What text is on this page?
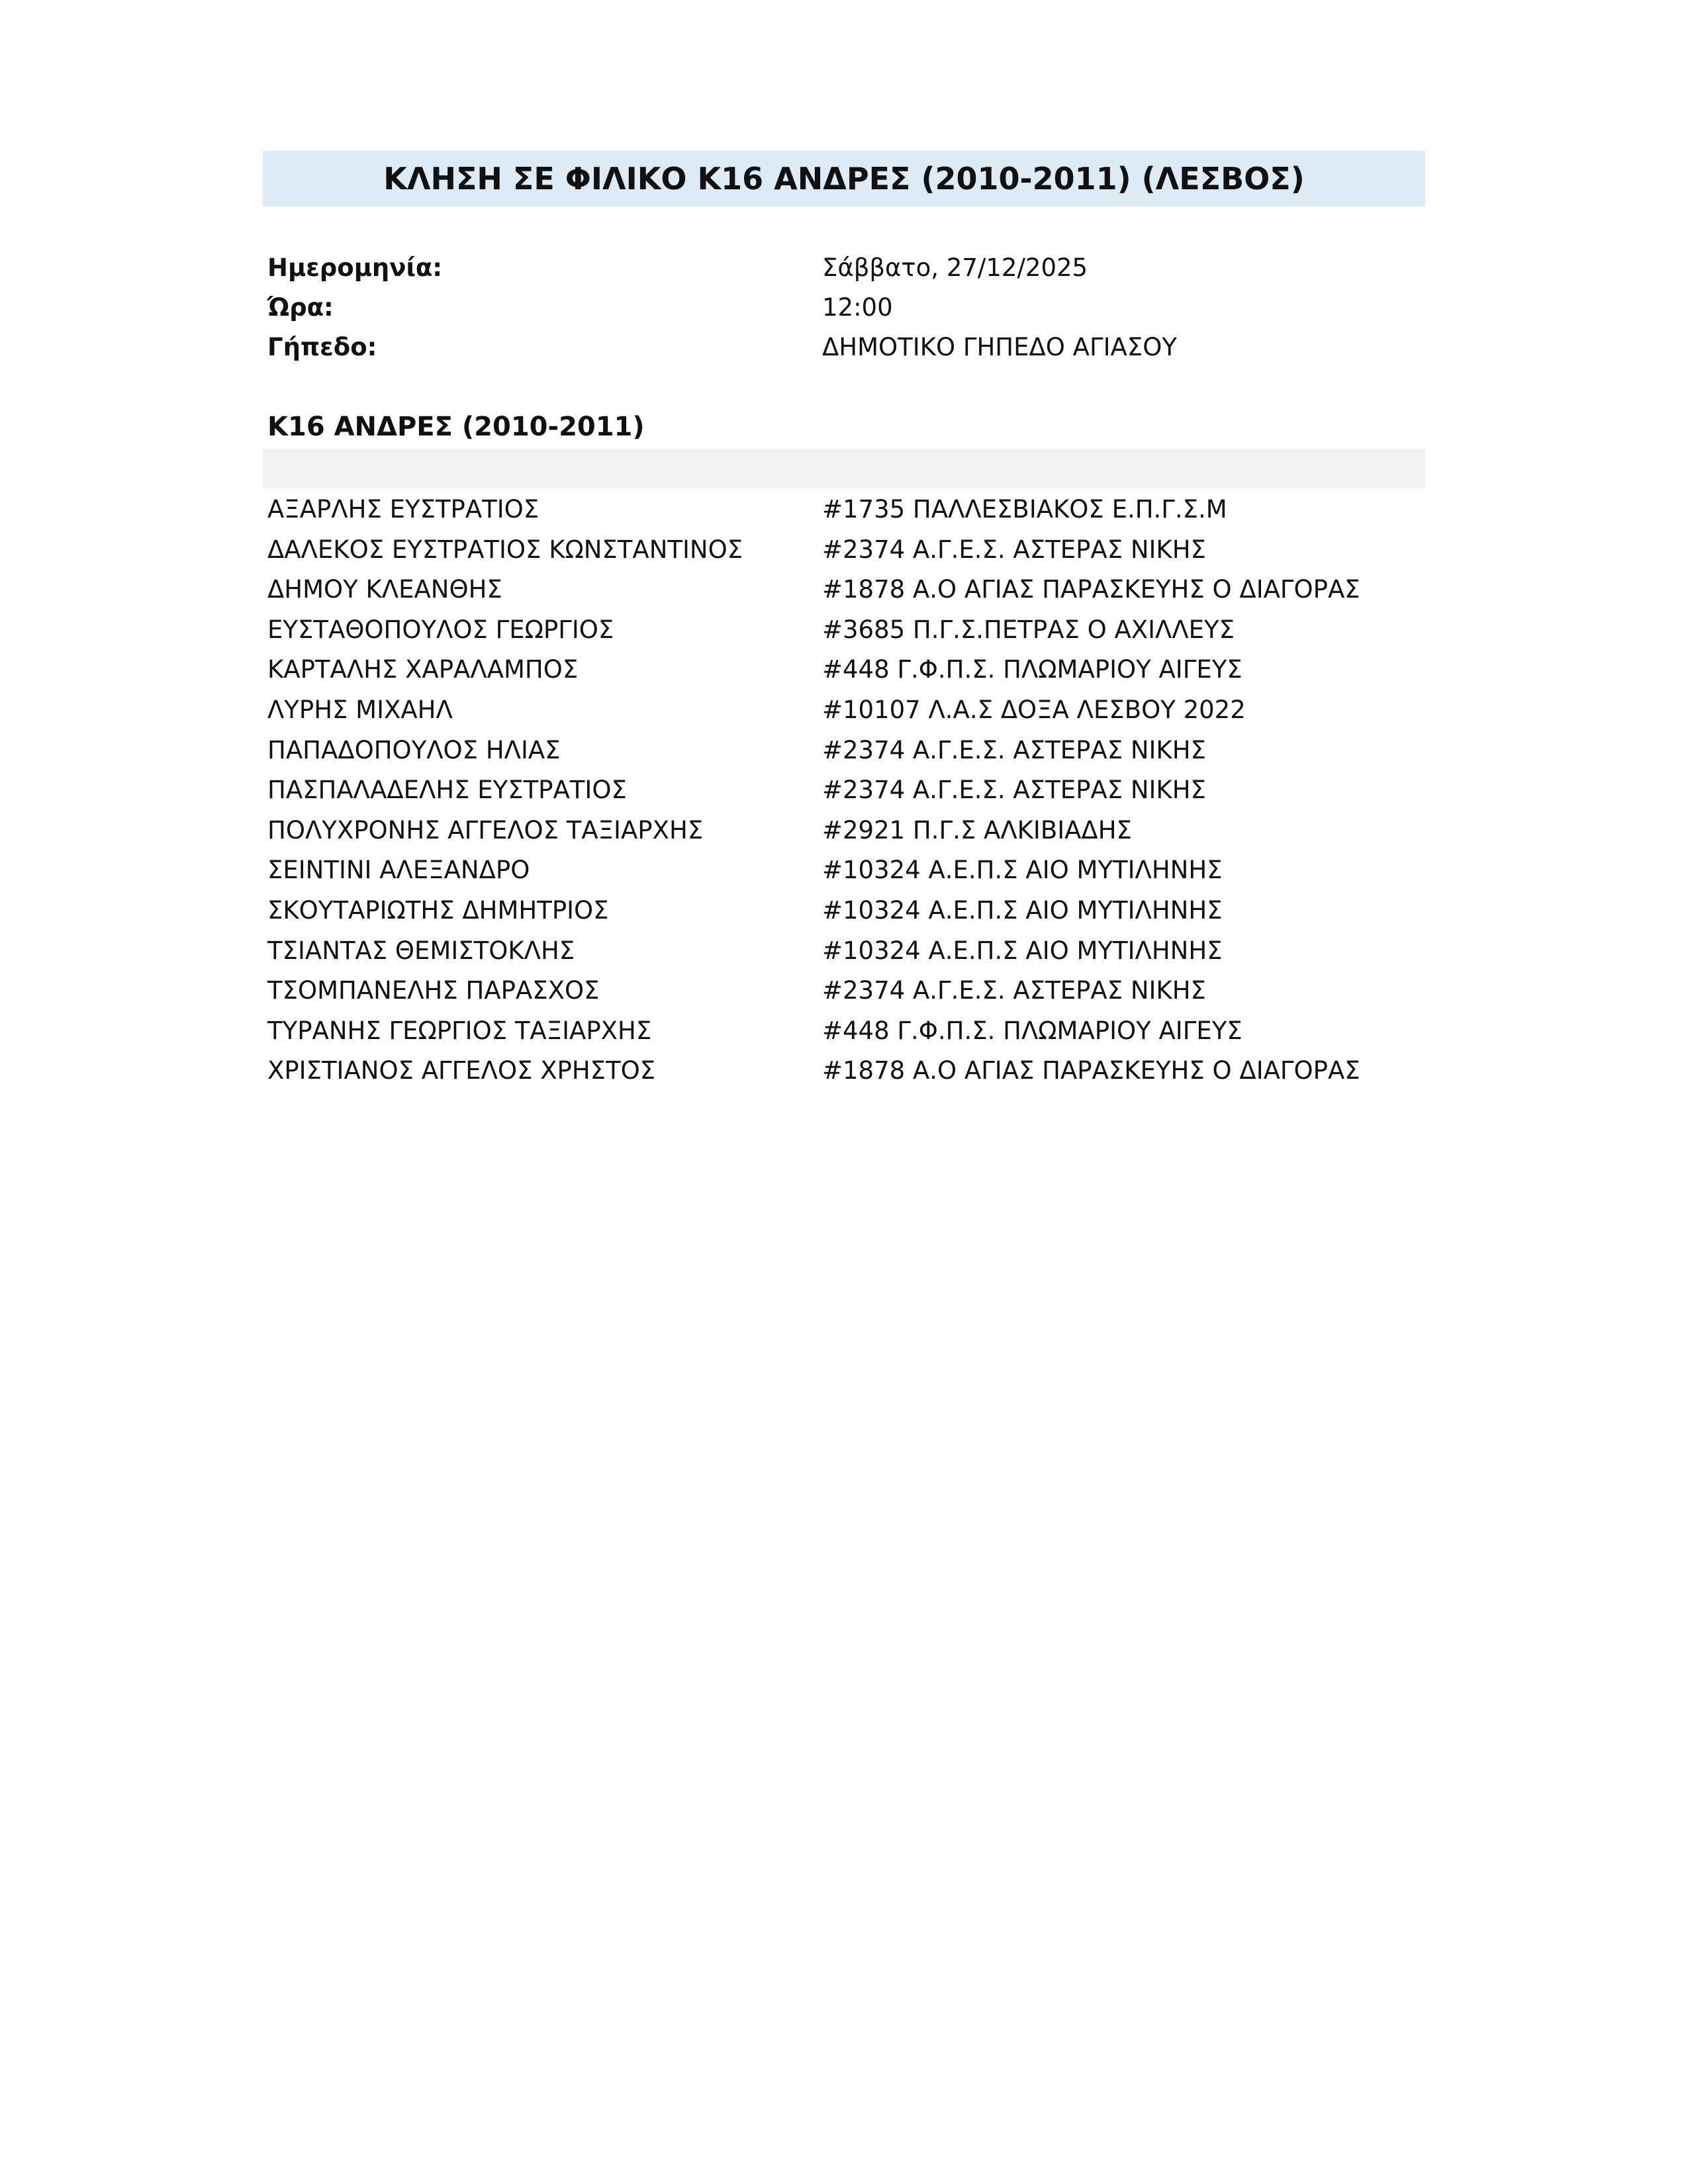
ΚΛΗΣΗ ΣΕ ΦΙΛΙΚΟ Κ16 ΑΝΔΡΕΣ (2010-2011) (ΛΕΣΒΟΣ)
Ημερομηνία:	Σάββατο, 27/12/2025
Ώρα:	12:00
Γήπεδο:	ΔΗΜΟΤΙΚΟ ΓΗΠΕΔΟ ΑΓΙΑΣΟΥ
Κ16 ΑΝΔΡΕΣ (2010-2011)
ΑΞΑΡΛΗΣ ΕΥΣΤΡΑΤΙΟΣ	#1735 ΠΑΛΛΕΣΒΙΑΚΟΣ Ε.Π.Γ.Σ.Μ
ΔΑΛΕΚΟΣ ΕΥΣΤΡΑΤΙΟΣ ΚΩΝΣΤΑΝΤΙΝΟΣ	#2374 Α.Γ.Ε.Σ. ΑΣΤΕΡΑΣ ΝΙΚΗΣ
ΔΗΜΟΥ ΚΛΕΑΝΘΗΣ	#1878 Α.Ο ΑΓΙΑΣ ΠΑΡΑΣΚΕΥΗΣ Ο ΔΙΑΓΟΡΑΣ
ΕΥΣΤΑΘΟΠΟΥΛΟΣ ΓΕΩΡΓΙΟΣ	#3685 Π.Γ.Σ.ΠΕΤΡΑΣ Ο ΑΧΙΛΛΕΥΣ
ΚΑΡΤΑΛΗΣ ΧΑΡΑΛΑΜΠΟΣ	#448 Γ.Φ.Π.Σ. ΠΛΩΜΑΡΙΟΥ ΑΙΓΕΥΣ
ΛΥΡΗΣ ΜΙΧΑΗΛ	#10107 Λ.Α.Σ ΔΟΞΑ ΛΕΣΒΟΥ 2022
ΠΑΠΑΔΟΠΟΥΛΟΣ ΗΛΙΑΣ	#2374 Α.Γ.Ε.Σ. ΑΣΤΕΡΑΣ ΝΙΚΗΣ
ΠΑΣΠΑΛΑΔΕΛΗΣ ΕΥΣΤΡΑΤΙΟΣ	#2374 Α.Γ.Ε.Σ. ΑΣΤΕΡΑΣ ΝΙΚΗΣ
ΠΟΛΥΧΡΟΝΗΣ ΑΓΓΕΛΟΣ ΤΑΞΙΑΡΧΗΣ	#2921 Π.Γ.Σ ΑΛΚΙΒΙΑΔΗΣ
ΣΕΙΝΤΙΝΙ ΑΛΕΞΑΝΔΡΟ	#10324 Α.Ε.Π.Σ ΑΙΟ ΜΥΤΙΛΗΝΗΣ
ΣΚΟΥΤΑΡΙΩΤΗΣ ΔΗΜΗΤΡΙΟΣ	#10324 Α.Ε.Π.Σ ΑΙΟ ΜΥΤΙΛΗΝΗΣ
ΤΣΙΑΝΤΑΣ ΘΕΜΙΣΤΟΚΛΗΣ	#10324 Α.Ε.Π.Σ ΑΙΟ ΜΥΤΙΛΗΝΗΣ
ΤΣΟΜΠΑΝΕΛΗΣ ΠΑΡΑΣΧΟΣ	#2374 Α.Γ.Ε.Σ. ΑΣΤΕΡΑΣ ΝΙΚΗΣ
ΤΥΡΑΝΗΣ ΓΕΩΡΓΙΟΣ ΤΑΞΙΑΡΧΗΣ	#448 Γ.Φ.Π.Σ. ΠΛΩΜΑΡΙΟΥ ΑΙΓΕΥΣ
ΧΡΙΣΤΙΑΝΟΣ ΑΓΓΕΛΟΣ ΧΡΗΣΤΟΣ	#1878 Α.Ο ΑΓΙΑΣ ΠΑΡΑΣΚΕΥΗΣ Ο ΔΙΑΓΟΡΑΣ
